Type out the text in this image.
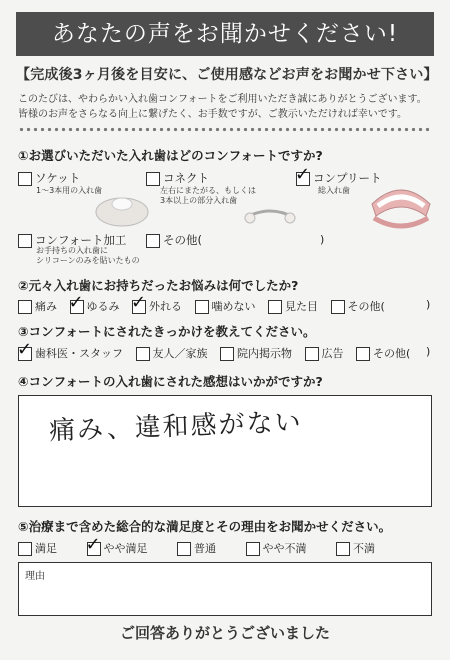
あなたの声をお聞かせください!
【完成後3ヶ月後を目安に、ご使用感などお声をお聞かせ下さい】
このたびは、やわらかい入れ歯コンフォートをご利用いただき誠にありがとうございます。
皆様のお声をさらなる向上に繋げたく、お手数ですが、ご教示いただければ幸いです。
①お選びいただいた入れ歯はどのコンフォートですか?
ソケット
1～3本用の入れ歯
コネクト
左右にまたがる、もしくは
3本以上の部分入れ歯
✓ コンプリート
総入れ歯
コンフォート加工
お手持ちの入れ歯に
シリコーンのみを貼いたもの
その他(	)
②元々入れ歯にお持ちだったお悩みは何でしたか?
痛み ✓ ゆるみ ✓ 外れる	噛めない	見た目	その他(	)
③コンフォートにされたきっかけを教えてください。
✓ 歯科医・スタッフ	友人／家族	院内掲示物	広告	その他(	)
④コンフォートの入れ歯にされた感想はいかがですか?
痛み、違和感がない
⑤治療まで含めた総合的な満足度とその理由をお聞かせください。
満足 ✓ やや満足	普通	やや不満	不満
理由
ご回答ありがとうございました
